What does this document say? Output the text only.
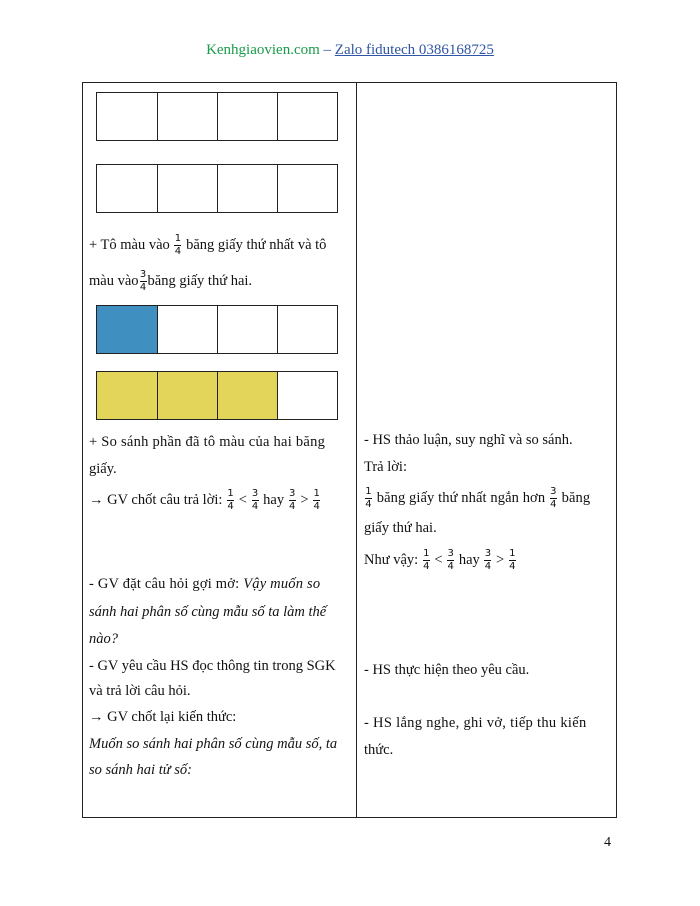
Kenhgiaovien.com – Zalo fidutech 0386168725
+ Tô màu vào $\frac{1}{4}$ băng giấy thứ nhất và tô
màu vào $\frac{3}{4}$ băng giấy thứ hai.
+ So sánh phần đã tô màu của hai băng
giấy.
→ GV chốt câu trả lời: $\frac{1}{4} < \frac{3}{4}$ hay $\frac{3}{4} > \frac{1}{4}$
- GV đặt câu hỏi gợi mở: Vậy muốn so
sánh hai phân số cùng mẫu số ta làm thế
nào?
- GV yêu cầu HS đọc thông tin trong SGK
và trả lời câu hỏi.
→ GV chốt lại kiến thức:
Muốn so sánh hai phân số cùng mẫu số, ta
so sánh hai tử số:
- HS thảo luận, suy nghĩ và so sánh.
Trả lời:
$\frac{1}{4}$ băng giấy thứ nhất ngắn hơn $\frac{3}{4}$ băng
giấy thứ hai.
Như vậy: $\frac{1}{4} < \frac{3}{4}$ hay $\frac{3}{4} > \frac{1}{4}$
- HS thực hiện theo yêu cầu.
- HS lắng nghe, ghi vở, tiếp thu kiến
thức.
4
